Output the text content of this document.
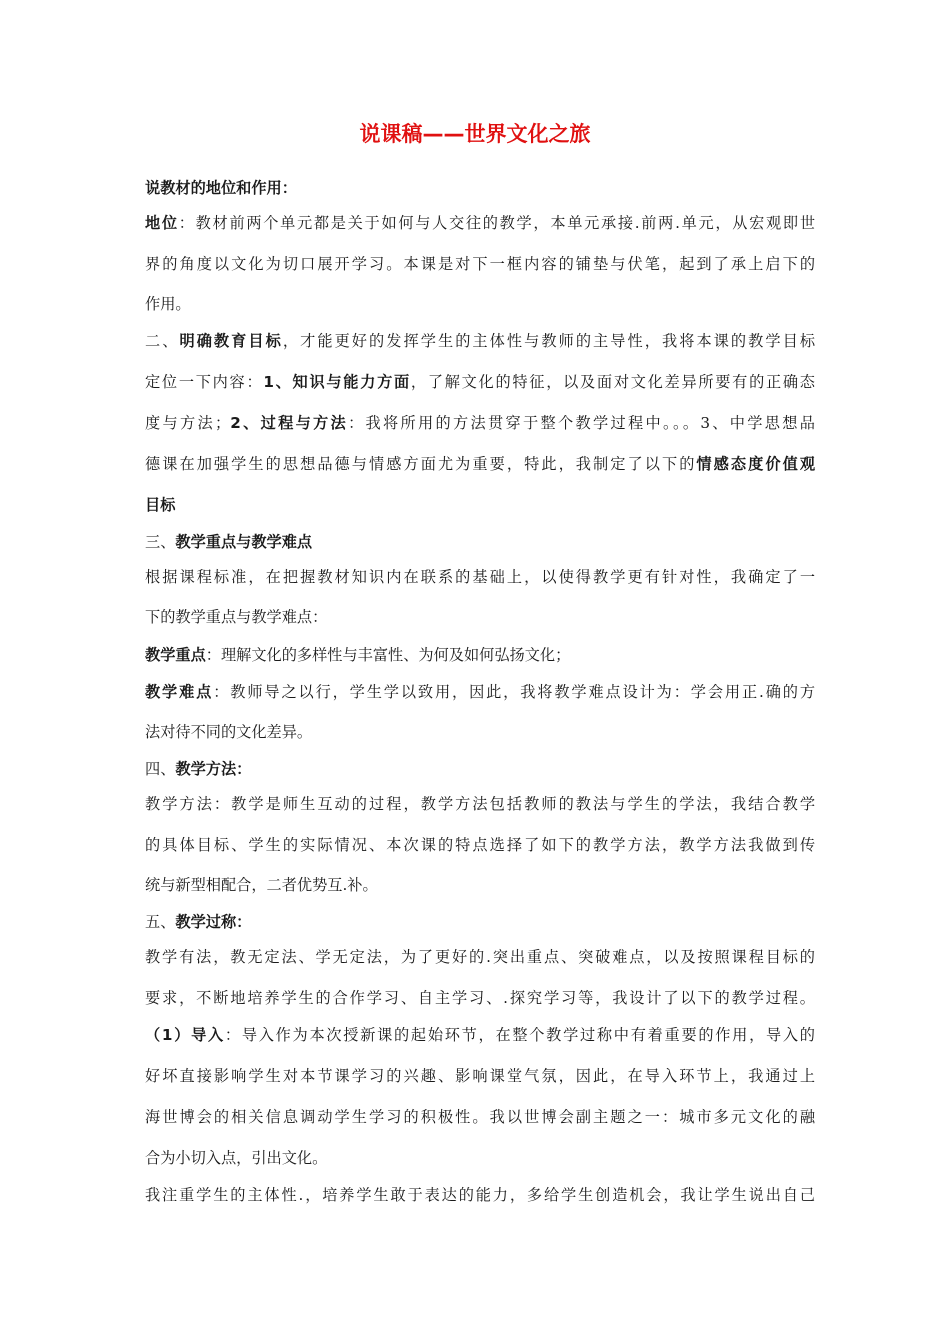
说课稿——世界文化之旅
说教材的地位和作用：
地位：教材前两个单元都是关于如何与人交往的教学，本单元承接.前两.单元，从宏观即世
界的角度以文化为切口展开学习。本课是对下一框内容的铺垫与伏笔，起到了承上启下的
作用。
二、明确教育目标，才能更好的发挥学生的主体性与教师的主导性，我将本课的教学目标
定位一下内容：1、知识与能力方面，了解文化的特征，以及面对文化差异所要有的正确态
度与方法；2、过程与方法：我将所用的方法贯穿于整个教学过程中。。。3、中学思想品
德课在加强学生的思想品德与情感方面尤为重要，特此，我制定了以下的情感态度价值观
目标
三、教学重点与教学难点
根据课程标准，在把握教材知识内在联系的基础上，以使得教学更有针对性，我确定了一
下的教学重点与教学难点：
教学重点：理解文化的多样性与丰富性、为何及如何弘扬文化；
教学难点：教师导之以行，学生学以致用，因此，我将教学难点设计为：学会用正.确的方
法对待不同的文化差异。
四、教学方法：
教学方法：教学是师生互动的过程，教学方法包括教师的教法与学生的学法，我结合教学
的具体目标、学生的实际情况、本次课的特点选择了如下的教学方法，教学方法我做到传
统与新型相配合，二者优势互.补。
五、教学过称：
教学有法，教无定法、学无定法，为了更好的.突出重点、突破难点，以及按照课程目标的
要求，不断地培养学生的合作学习、自主学习、.探究学习等，我设计了以下的教学过程。
（1）导入：导入作为本次授新课的起始环节，在整个教学过称中有着重要的作用，导入的
好坏直接影响学生对本节课学习的兴趣、影响课堂气氛，因此，在导入环节上，我通过上
海世博会的相关信息调动学生学习的积极性。我以世博会副主题之一：城市多元文化的融
合为小切入点，引出文化。
我注重学生的主体性.，培养学生敢于表达的能力，多给学生创造机会，我让学生说出自己
